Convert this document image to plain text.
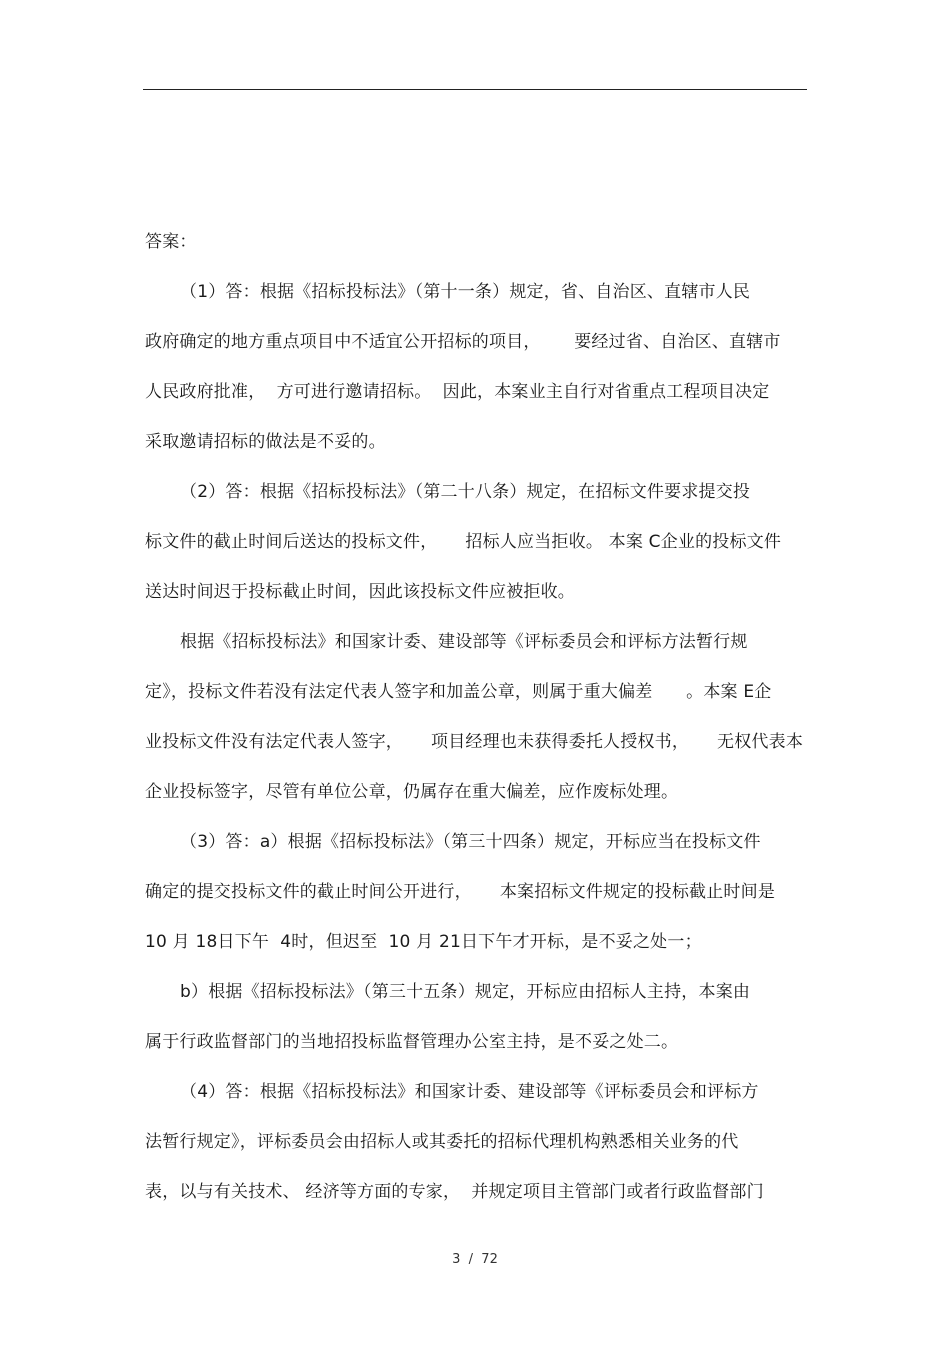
答案：
（1）答：根据《招标投标法》（第十一条）规定，省、自治区、直辖市人民
政府确定的地方重点项目中不适宜公开招标的项目，      要经过省、自治区、直辖市
人民政府批准，  方可进行邀请招标。  因此，本案业主自行对省重点工程项目决定
采取邀请招标的做法是不妥的。
（2）答：根据《招标投标法》（第二十八条）规定，在招标文件要求提交投
标文件的截止时间后送达的投标文件，     招标人应当拒收。 本案 C企业的投标文件
送达时间迟于投标截止时间，因此该投标文件应被拒收。
根据《招标投标法》和国家计委、建设部等《评标委员会和评标方法暂行规
定》，投标文件若没有法定代表人签字和加盖公章，则属于重大偏差      。本案 E企
业投标文件没有法定代表人签字，     项目经理也未获得委托人授权书，     无权代表本
企业投标签字，尽管有单位公章，仍属存在重大偏差，应作废标处理。
（3）答：a）根据《招标投标法》（第三十四条）规定，开标应当在投标文件
确定的提交投标文件的截止时间公开进行，     本案招标文件规定的投标截止时间是
10 月 18日下午  4时，但迟至  10 月 21日下午才开标，是不妥之处一；
b）根据《招标投标法》（第三十五条）规定，开标应由招标人主持，本案由
属于行政监督部门的当地招投标监督管理办公室主持，是不妥之处二。
（4）答：根据《招标投标法》和国家计委、建设部等《评标委员会和评标方
法暂行规定》，评标委员会由招标人或其委托的招标代理机构熟悉相关业务的代
表，以与有关技术、 经济等方面的专家，  并规定项目主管部门或者行政监督部门
3  /  72
